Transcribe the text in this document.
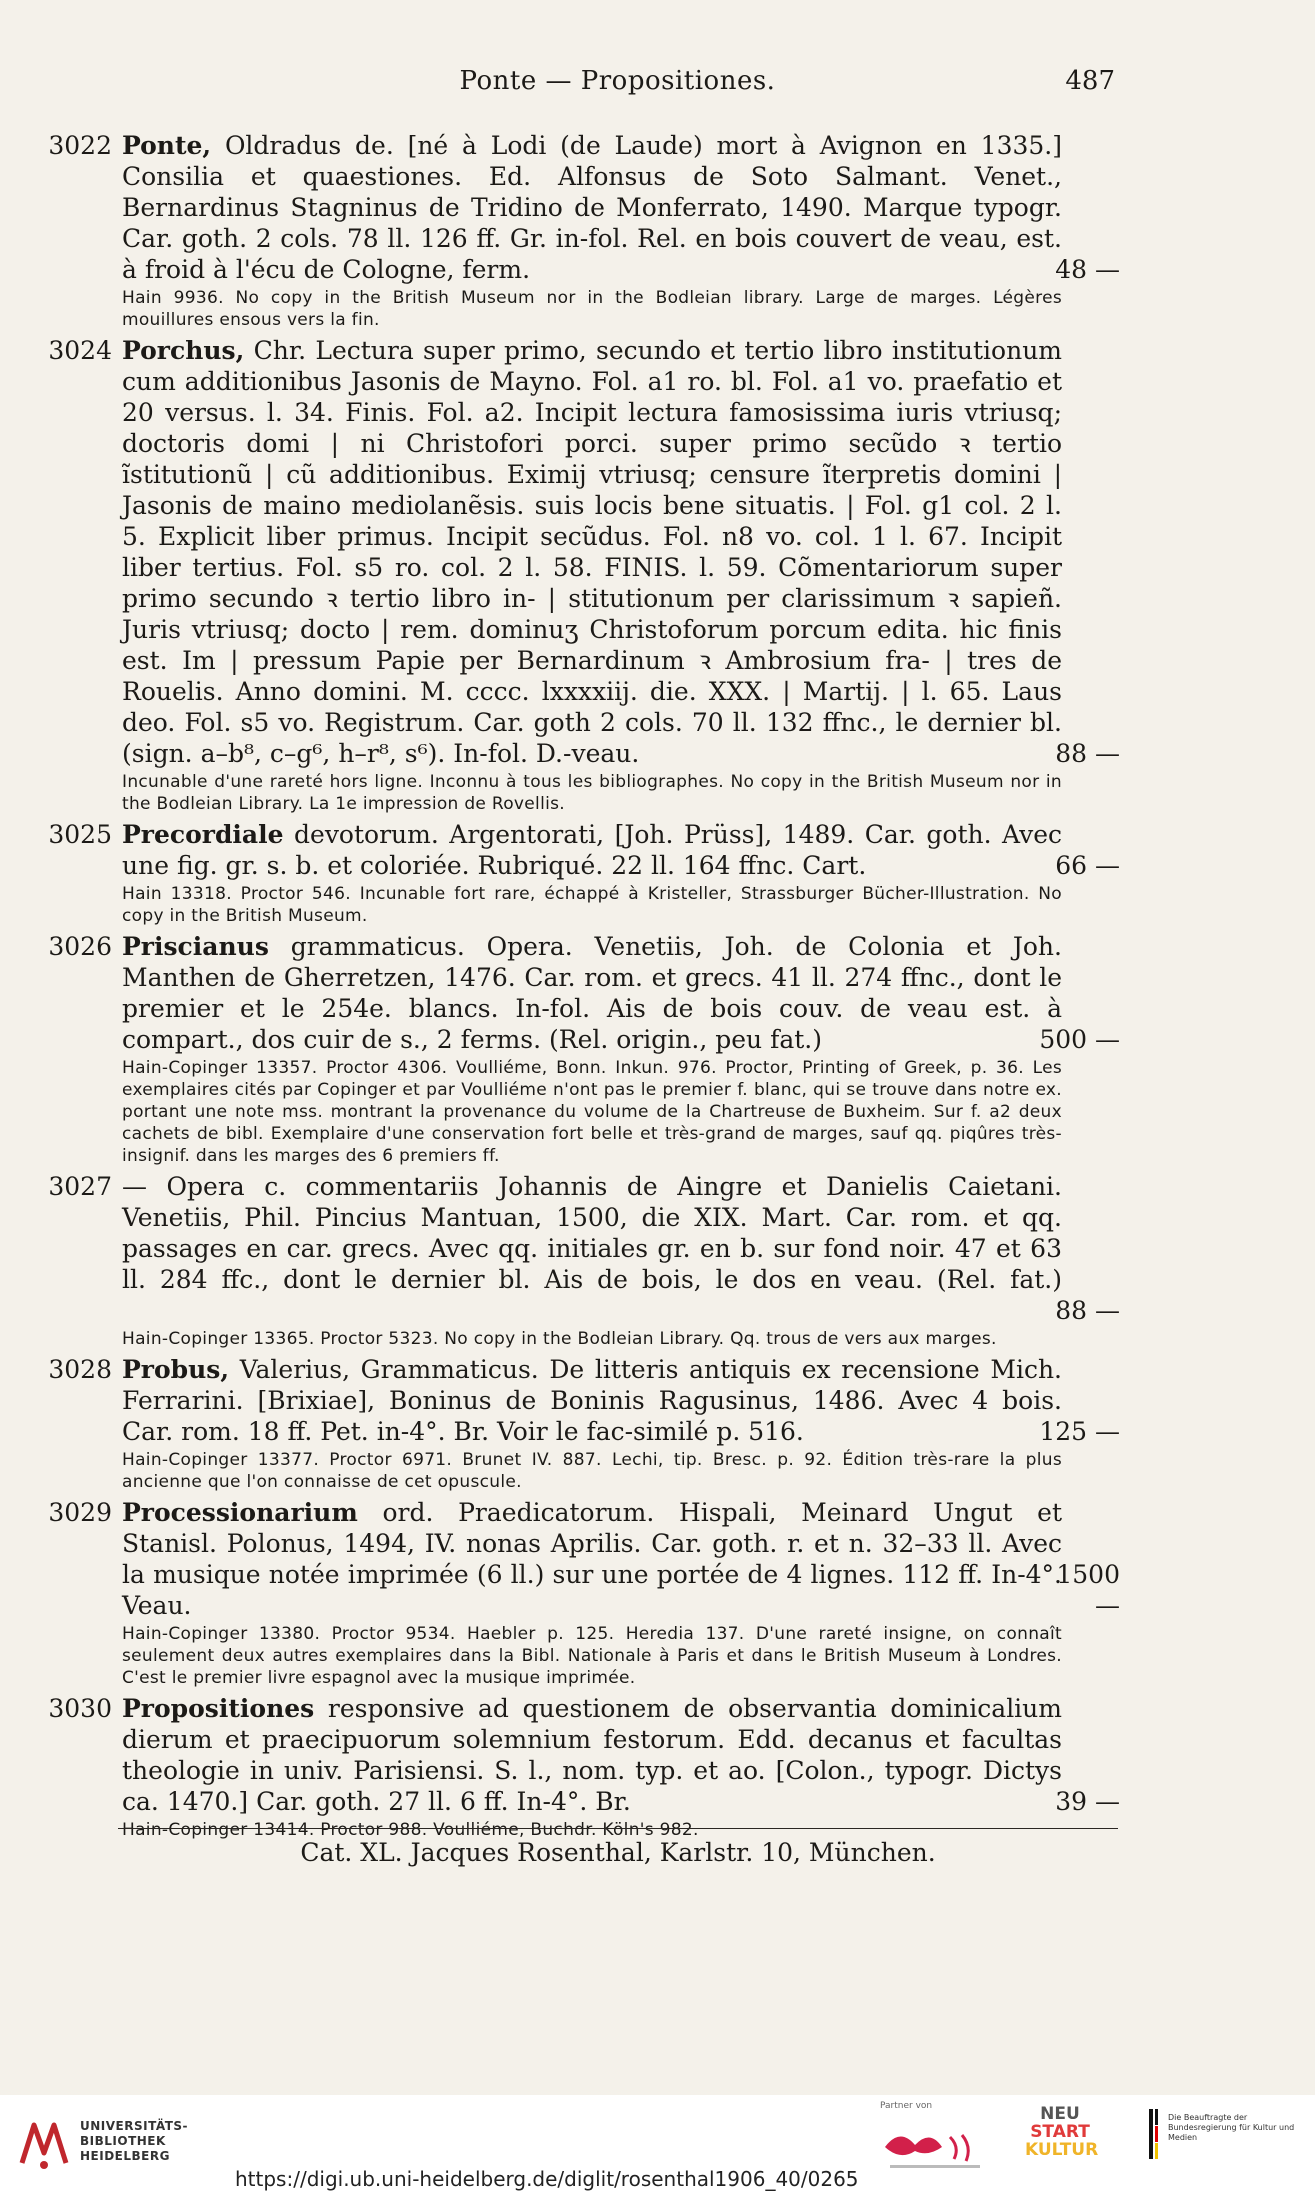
Ponte — Propositiones.	487
3022 Ponte, Oldradus de. [né à Lodi (de Laude) mort à Avignon en 1335.] Consilia et quaestiones. Ed. Alfonsus de Soto Salmant. Venet., Bernardinus Stagninus de Tridino de Monferrato, 1490. Marque typogr. Car. goth. 2 cols. 78 ll. 126 ff. Gr. in-fol. Rel. en bois couvert de veau, est. à froid à l'écu de Cologne, ferm.	48 —
Hain 9936. No copy in the British Museum nor in the Bodleian library. Large de marges. Légères mouillures ensous vers la fin.
3024 Porchus, Chr. Lectura super primo, secundo et tertio libro institutionum cum additionibus Jasonis de Mayno. Fol. a1 ro. bl. Fol. a1 vo. praefatio et 20 versus. l. 34. Finis. Fol. a2. Incipit lectura famosissima iuris vtriusq; doctoris domi | ni Christofori porci. super primo secũdo ꝛ tertio ĩstitutionũ | cũ additionibus. Eximij vtriusq; censure ĩterpretis domini | Jasonis de maino mediolanẽsis. suis locis bene situatis. | Fol. g1 col. 2 l. 5. Explicit liber primus. Incipit secũdus. Fol. n8 vo. col. 1 l. 67. Incipit liber tertius. Fol. s5 ro. col. 2 l. 58. FINIS. l. 59. Cõmentariorum super primo secundo ꝛ tertio libro in- | stitutionum per clarissimum ꝛ sapieñ. Juris vtriusq; docto | rem. dominuʒ Christoforum porcum edita. hic finis est. Im | pressum Papie per Bernardinum ꝛ Ambrosium fra- | tres de Rouelis. Anno domini. M. cccc. lxxxxiij. die. XXX. | Martij. | l. 65. Laus deo. Fol. s5 vo. Registrum. Car. goth 2 cols. 70 ll. 132 ffnc., le dernier bl. (sign. a–b⁸, c–g⁶, h–r⁸, s⁶). In-fol. D.-veau.	88 —
Incunable d'une rareté hors ligne. Inconnu à tous les bibliographes. No copy in the British Museum nor in the Bodleian Library. La 1e impression de Rovellis.
3025 Precordiale devotorum. Argentorati, [Joh. Prüss], 1489. Car. goth. Avec une fig. gr. s. b. et coloriée. Rubriqué. 22 ll. 164 ffnc. Cart.	66 —
Hain 13318. Proctor 546. Incunable fort rare, échappé à Kristeller, Strassburger Bücher-Illustration. No copy in the British Museum.
3026 Priscianus grammaticus. Opera. Venetiis, Joh. de Colonia et Joh. Manthen de Gherretzen, 1476. Car. rom. et grecs. 41 ll. 274 ffnc., dont le premier et le 254e. blancs. In-fol. Ais de bois couv. de veau est. à compart., dos cuir de s., 2 ferms. (Rel. origin., peu fat.)	500 —
Hain-Copinger 13357. Proctor 4306. Voulliéme, Bonn. Inkun. 976. Proctor, Printing of Greek, p. 36. Les exemplaires cités par Copinger et par Voulliéme n'ont pas le premier f. blanc, qui se trouve dans notre ex. portant une note mss. montrant la provenance du volume de la Chartreuse de Buxheim. Sur f. a2 deux cachets de bibl. Exemplaire d'une conservation fort belle et très-grand de marges, sauf qq. piqûres très-insignif. dans les marges des 6 premiers ff.
3027 — Opera c. commentariis Johannis de Aingre et Danielis Caietani. Venetiis, Phil. Pincius Mantuan, 1500, die XIX. Mart. Car. rom. et qq. passages en car. grecs. Avec qq. initiales gr. en b. sur fond noir. 47 et 63 ll. 284 ffc., dont le dernier bl. Ais de bois, le dos en veau. (Rel. fat.)
88 —
Hain-Copinger 13365. Proctor 5323. No copy in the Bodleian Library. Qq. trous de vers aux marges.
3028 Probus, Valerius, Grammaticus. De litteris antiquis ex recensione Mich. Ferrarini. [Brixiae], Boninus de Boninis Ragusinus, 1486. Avec 4 bois. Car. rom. 18 ff. Pet. in-4°. Br. Voir le fac-similé p. 516.	125 —
Hain-Copinger 13377. Proctor 6971. Brunet IV. 887. Lechi, tip. Bresc. p. 92. Édition très-rare la plus ancienne que l'on connaisse de cet opuscule.
3029 Processionarium ord. Praedicatorum. Hispali, Meinard Ungut et Stanisl. Polonus, 1494, IV. nonas Aprilis. Car. goth. r. et n. 32–33 ll. Avec la musique notée imprimée (6 ll.) sur une portée de 4 lignes. 112 ff. In-4°. Veau.
1500 —
Hain-Copinger 13380. Proctor 9534. Haebler p. 125. Heredia 137. D'une rareté insigne, on connaît seulement deux autres exemplaires dans la Bibl. Nationale à Paris et dans le British Museum à Londres. C'est le premier livre espagnol avec la musique imprimée.
3030 Propositiones responsive ad questionem de observantia dominicalium dierum et praecipuorum solemnium festorum. Edd. decanus et facultas theologie in univ. Parisiensi. S. l., nom. typ. et ao. [Colon., typogr. Dictys ca. 1470.] Car. goth. 27 ll. 6 ff. In-4°. Br.	39 —
Hain-Copinger 13414. Proctor 988. Voulliéme, Buchdr. Köln's 982.
Cat. XL. Jacques Rosenthal, Karlstr. 10, München.
UNIVERSITÄTS-
BIBLIOTHEK
HEIDELBERG
https://digi.ub.uni-heidelberg.de/diglit/rosenthal1906_40/0265
Partner von	NEU
START
KULTUR
Die Beauftragte der Bundesregierung für Kultur und Medien
